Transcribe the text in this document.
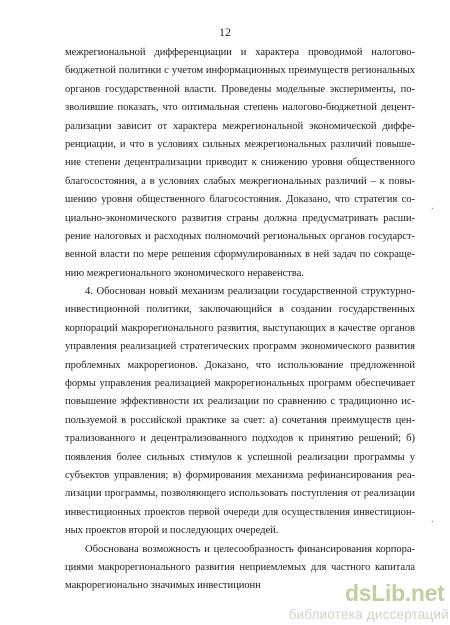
12
межрегиональной дифференциации и характера проводимой налогово-
бюджетной политики с учетом информационных преимуществ региональных
органов государственной власти. Проведены модельные эксперименты, по-
зволившие показать, что оптимальная степень налогово-бюджетной децент-
рализации зависит от характера межрегиональной экономической диффе-
ренциации, и что в условиях сильных межрегиональных различий повыше-
ние степени децентрализации приводит к снижению уровня общественного
благосостояния, а в условиях слабых межрегиональных различий – к повы-
шению уровня общественного благосостояния. Доказано, что стратегия со-
циально-экономического развития страны должна предусматривать расши-
рение налоговых и расходных полномочий региональных органов государст-
венной власти по мере решения сформулированных в ней задач по сокраще-
нию межрегионального экономического неравенства.
4. Обоснован новый механизм реализации государственной структурно-
инвестиционной политики, заключающийся в создании государственных
корпораций макрорегионального развития, выступающих в качестве органов
управления реализацией стратегических программ экономического развития
проблемных макрорегионов. Доказано, что использование предложенной
формы управления реализацией макрорегиональных программ обеспечивает
повышение эффективности их реализации по сравнению с традиционно ис-
пользуемой в российской практике за счет: а) сочетания преимуществ цен-
трализованного и децентрализованного подходов к принятию решений; б)
появления более сильных стимулов к успешной реализации программы у
субъектов управления; в) формирования механизма рефинансирования реа-
лизации программы, позволяющего использовать поступления от реализации
инвестиционных проектов первой очереди для осуществления инвестицион-
ных проектов второй и последующих очередей.
Обоснована возможность и целесообразность финансирования корпора-
циями макрорегионального развития неприемлемых для частного капитала
макрорегионально значимых инвестиционн
·
·
dsLib.net
библиотека диссертаций
